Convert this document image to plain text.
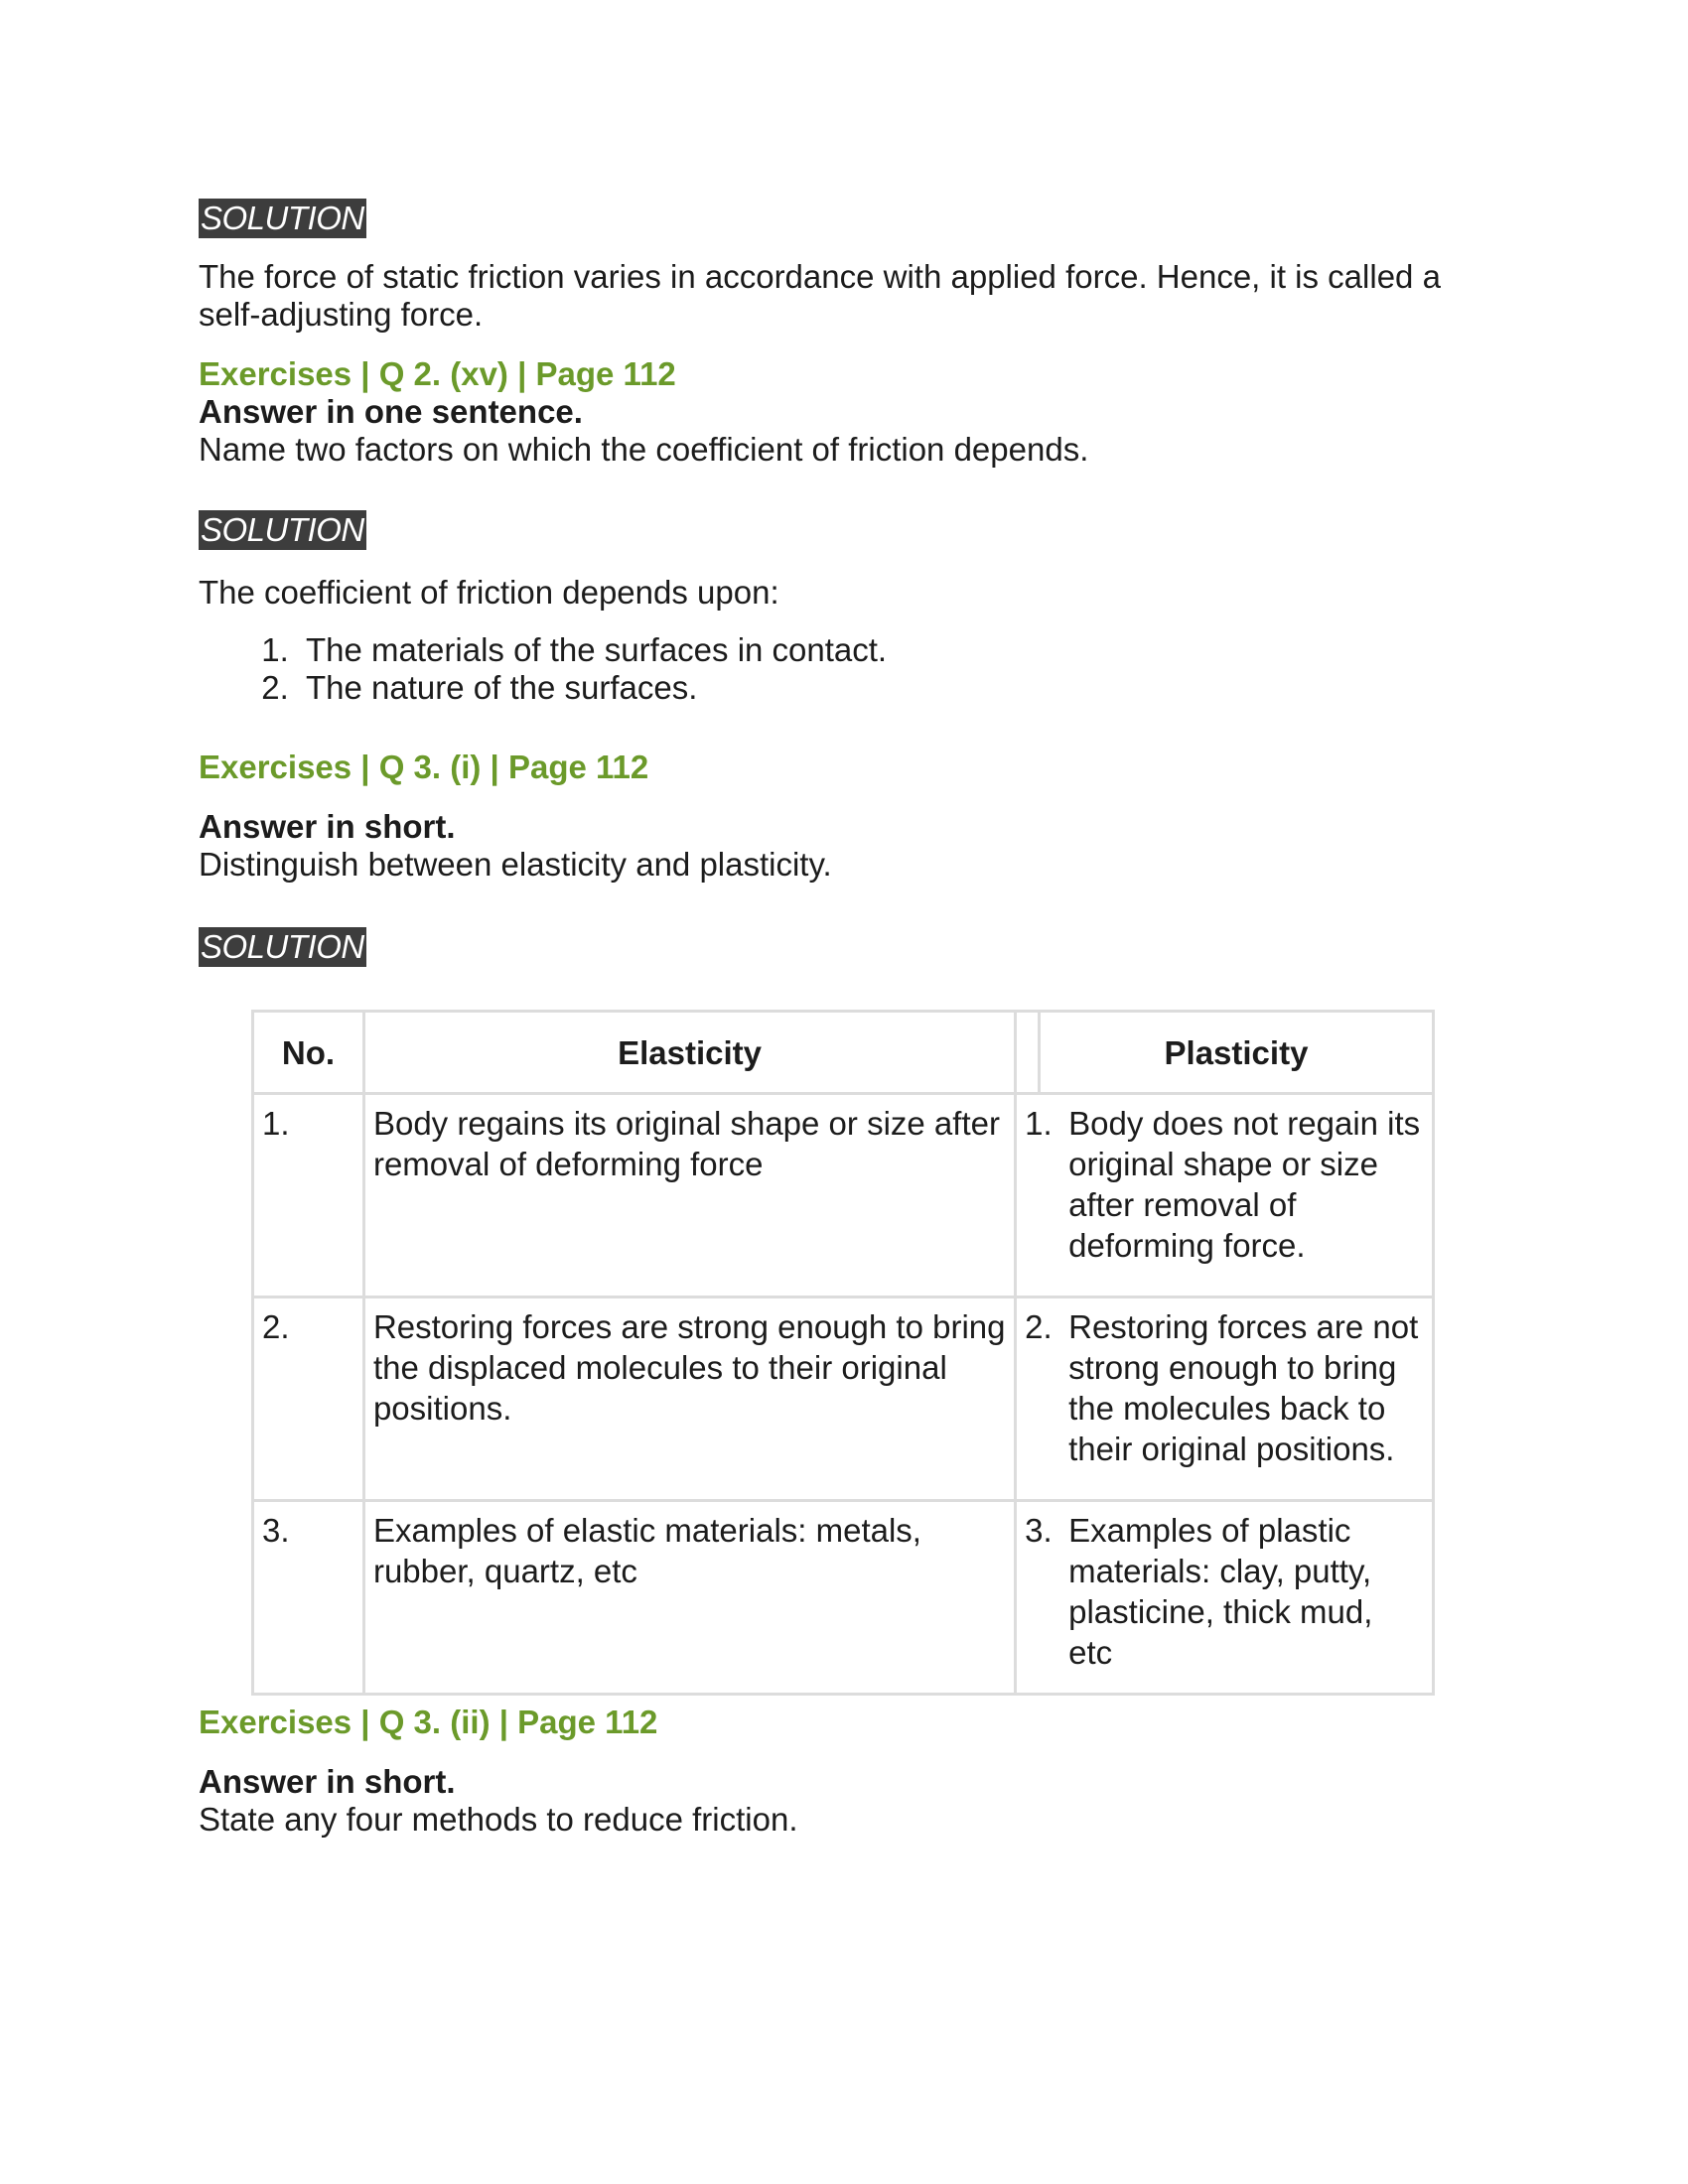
SOLUTION

The force of static friction varies in accordance with applied force. Hence, it is called a self-adjusting force.

Exercises | Q 2. (xv) | Page 112

Answer in one sentence.

Name two factors on which the coefficient of friction depends.

SOLUTION

The coefficient of friction depends upon:

1. The materials of the surfaces in contact.
2. The nature of the surfaces.

Exercises | Q 3. (i) | Page 112

Answer in short.

Distinguish between elasticity and plasticity.

SOLUTION
No.	Elasticity		Plasticity
1.	Body regains its original shape or size after removal of deforming force	1. Body does not regain its original shape or size after removal of deforming force.	

2.	Restoring forces are strong enough to bring the displaced molecules to their original positions.	2. Restoring forces are not strong enough to bring the molecules back to their original positions.	

3.	Examples of elastic materials: metals, rubber, quartz, etc	3. Examples of plastic materials: clay, putty, plasticine, thick mud, etc	

Exercises | Q 3. (ii) | Page 112

Answer in short.

State any four methods to reduce friction.
